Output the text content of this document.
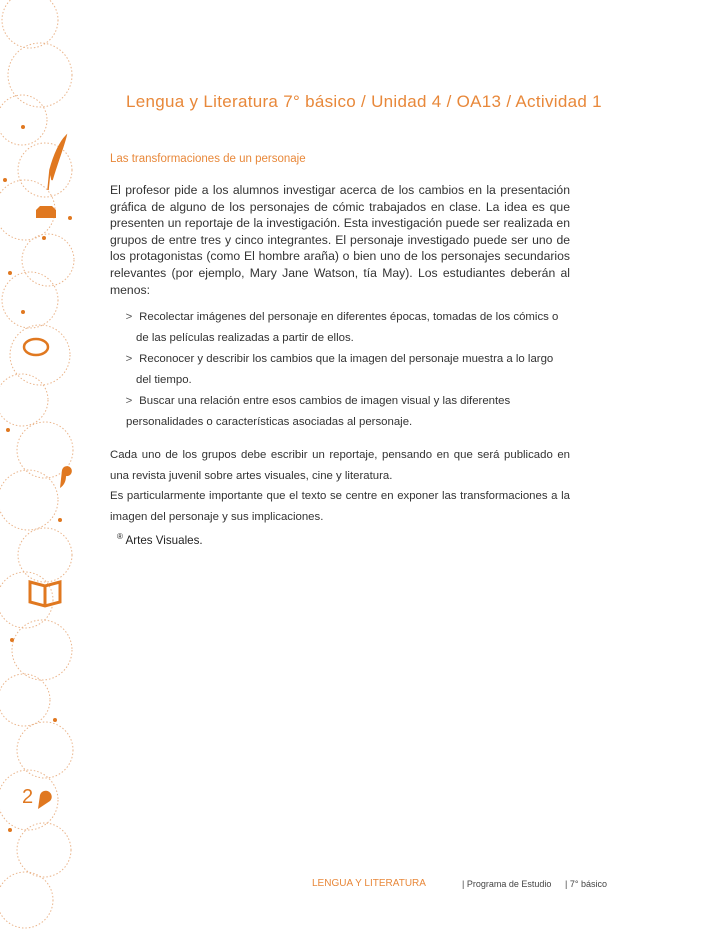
2
Lengua y Literatura 7° básico / Unidad 4 / OA13 / Actividad 1
Las transformaciones de un personaje
El profesor pide a los alumnos investigar acerca de los cambios en la presentación gráfica de alguno de los personajes de cómic trabajados en clase. La idea es que presenten un reportaje de la investigación. Esta investigación puede ser realizada en grupos de entre tres y cinco integrantes. El personaje investigado puede ser uno de los protagonistas (como El hombre araña) o bien uno de los personajes secundarios relevantes (por ejemplo, Mary Jane Watson, tía May). Los estudiantes deberán al menos:
> Recolectar imágenes del personaje en diferentes épocas, tomadas de los cómics o
de las películas realizadas a partir de ellos.
> Reconocer y describir los cambios que la imagen del personaje muestra a lo largo
del tiempo.
> Buscar una relación entre esos cambios de imagen visual y las diferentes
personalidades o características asociadas al personaje.

Cada uno de los grupos debe escribir un reportaje, pensando en que será publicado en una revista juvenil sobre artes visuales, cine y literatura.

Es particularmente importante que el texto se centre en exponer las transformaciones a la imagen del personaje y sus implicaciones.

® Artes Visuales.
LENGUA Y LITERATURA	| Programa de Estudio | 7° básico
